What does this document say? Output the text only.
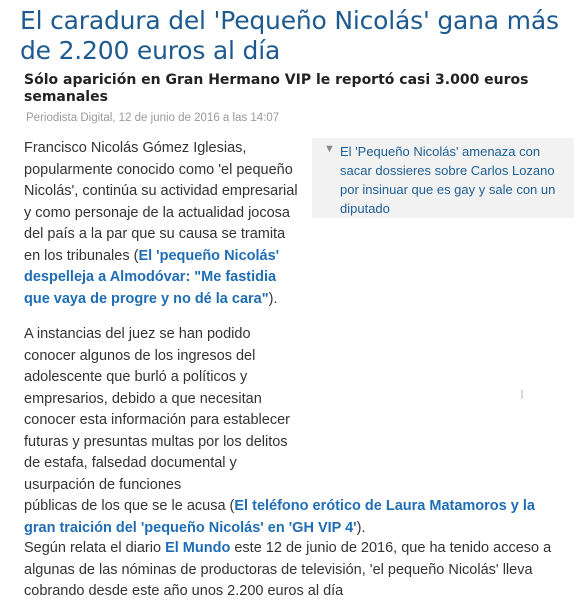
El caradura del 'Pequeño Nicolás' gana más de 2.200 euros al día
Sólo aparición en Gran Hermano VIP le reportó casi 3.000 euros semanales

Periodista Digital, 12 de junio de 2016 a las 14:07

▼ El 'Pequeño Nicolás' amenaza con sacar dossieres sobre Carlos Lozano por insinuar que es gay y sale con un diputado

Francisco Nicolás Gómez Iglesias, popularmente conocido como 'el pequeño Nicolás', continúa su actividad empresarial y como personaje de la actualidad jocosa del país a la par que su causa se tramita en los tribunales (El 'pequeño Nicolás' despelleja a Almodóvar: "Me fastidia que vaya de progre y no dé la cara").

A instancias del juez se han podido conocer algunos de los ingresos del adolescente que burló a políticos y empresarios, debido a que necesitan conocer esta información para establecer futuras y presuntas multas por los delitos de estafa, falsedad documental y usurpación de funciones
públicas de los que se le acusa (El teléfono erótico de Laura Matamoros y la gran traición del 'pequeño Nicolás' en 'GH VIP 4').

Según relata el diario El Mundo este 12 de junio de 2016, que ha tenido acceso a algunas de las nóminas de productoras de televisión, 'el pequeño Nicolás' lleva cobrando desde este año unos 2.200 euros al día
